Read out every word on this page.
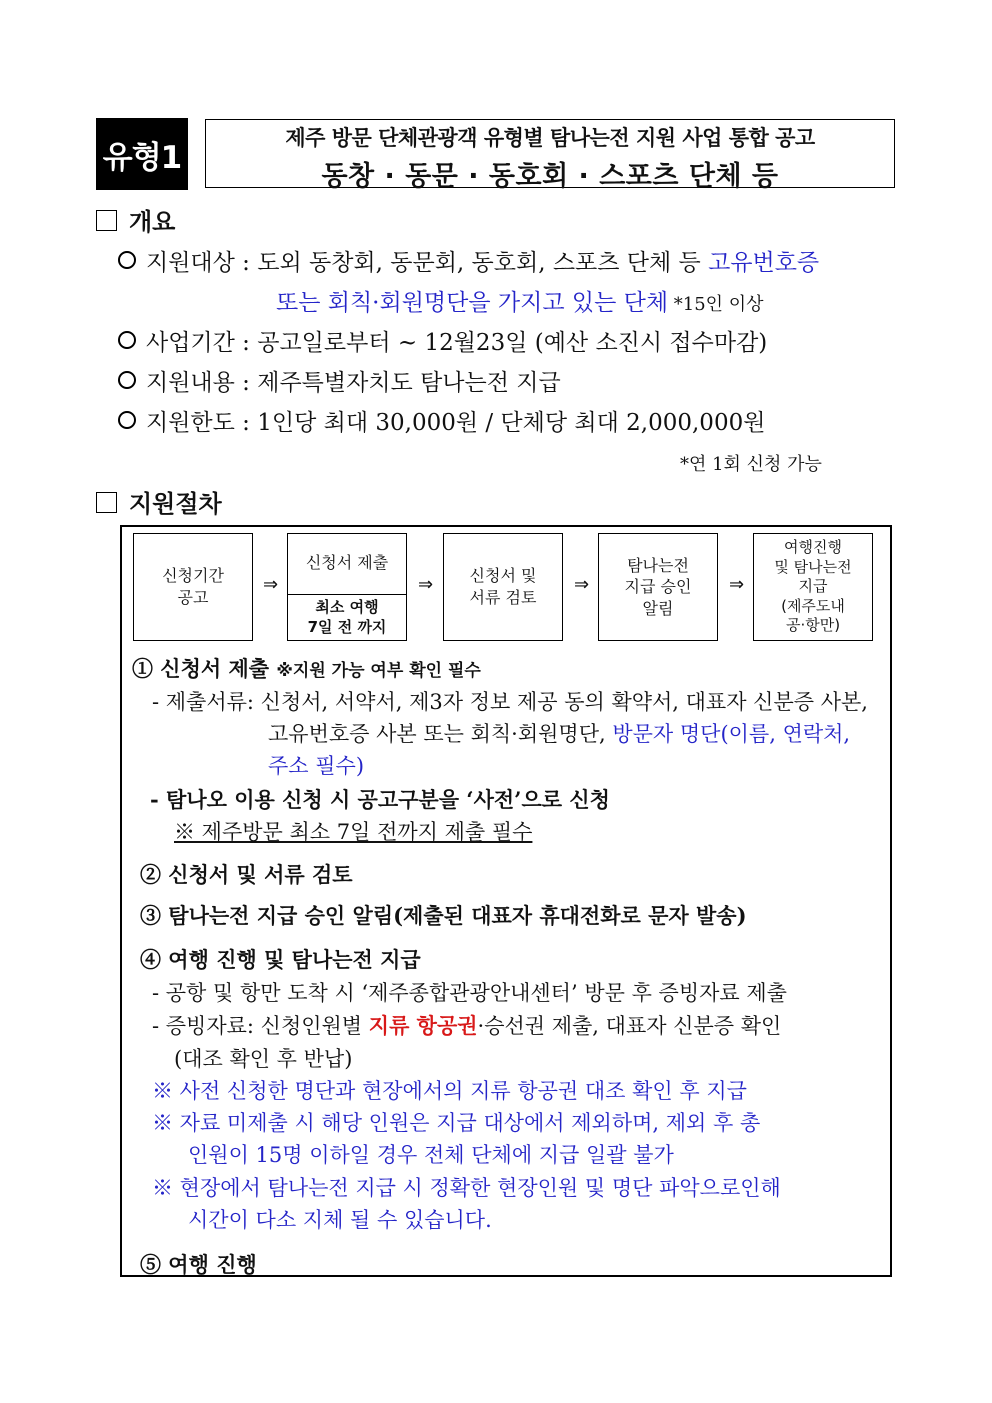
유형1
제주 방문 단체관광객 유형별 탐나는전 지원 사업 통합 공고
동창 · 동문 · 동호회 · 스포츠 단체 등
개요
지원대상 : 도외 동창회, 동문회, 동호회, 스포츠 단체 등 고유번호증
또는 회칙·회원명단을 가지고 있는 단체 *15인 이상
사업기간 : 공고일로부터 ~ 12월23일 (예산 소진시 접수마감)
지원내용 : 제주특별자치도 탐나는전 지급
지원한도 : 1인당 최대 30,000원 / 단체당 최대 2,000,000원
*연 1회 신청 가능
지원절차
신청기간
공고
⇒
신청서 제출
최소 여행
7일 전 까지
⇒	신청서 및
서류 검토
⇒
탐나는전
지급 승인
알림
⇒
여행진행
및 탐나는전
지급
(제주도내
공·항만)
① 신청서 제출 ※지원 가능 여부 확인 필수
- 제출서류: 신청서, 서약서, 제3자 정보 제공 동의 확약서, 대표자 신분증 사본,
고유번호증 사본 또는 회칙·회원명단, 방문자 명단(이름, 연락처,
주소 필수)
- 탐나오 이용 신청 시 공고구분을 ‘사전’으로 신청
※ 제주방문 최소 7일 전까지 제출 필수
② 신청서 및 서류 검토
③ 탐나는전 지급 승인 알림(제출된 대표자 휴대전화로 문자 발송)
④ 여행 진행 및 탐나는전 지급
- 공항 및 항만 도착 시 ‘제주종합관광안내센터’ 방문 후 증빙자료 제출
- 증빙자료: 신청인원별 지류 항공권·승선권 제출, 대표자 신분증 확인
(대조 확인 후 반납)
※ 사전 신청한 명단과 현장에서의 지류 항공권 대조 확인 후 지급
※ 자료 미제출 시 해당 인원은 지급 대상에서 제외하며, 제외 후 총
인원이 15명 이하일 경우 전체 단체에 지급 일괄 불가
※ 현장에서 탐나는전 지급 시 정확한 현장인원 및 명단 파악으로인해
시간이 다소 지체 될 수 있습니다.
⑤ 여행 진행
